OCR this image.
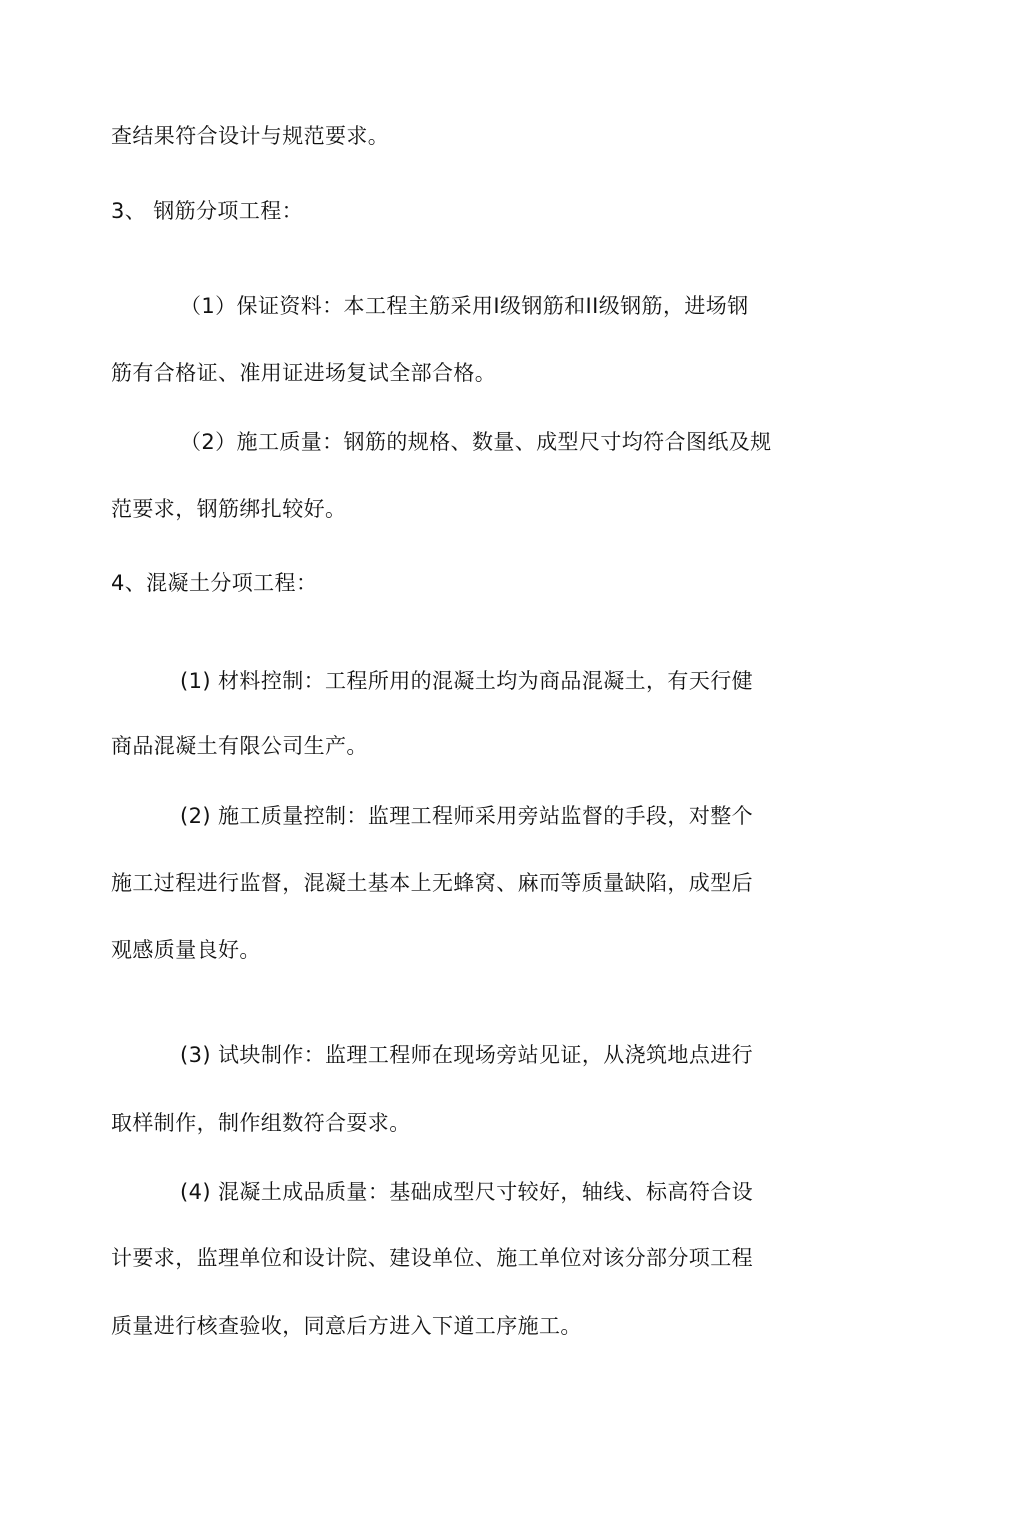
查结果符合设计与规范要求。
3、 钢筋分项工程：
（1）保证资料：本工程主筋采用I级钢筋和II级钢筋，进场钢
筋有合格证、准用证进场复试全部合格。
（2）施工质量：钢筋的规格、数量、成型尺寸均符合图纸及规
范要求，钢筋绑扎较好。
4、混凝土分项工程：
(1) 材料控制：工程所用的混凝土均为商品混凝土，有天行健
商品混凝土有限公司生产。
(2) 施工质量控制：监理工程师采用旁站监督的手段，对整个
施工过程进行监督，混凝土基本上无蜂窝、麻而等质量缺陷，成型后
观感质量良好。
(3) 试块制作：监理工程师在现场旁站见证，从浇筑地点进行
取样制作，制作组数符合耍求。
(4) 混凝土成品质量：基础成型尺寸较好，轴线、标高符合设
计要求，监理单位和设计院、建设单位、施工单位对该分部分项工程
质量进行核查验收，同意后方进入下道工序施工。
